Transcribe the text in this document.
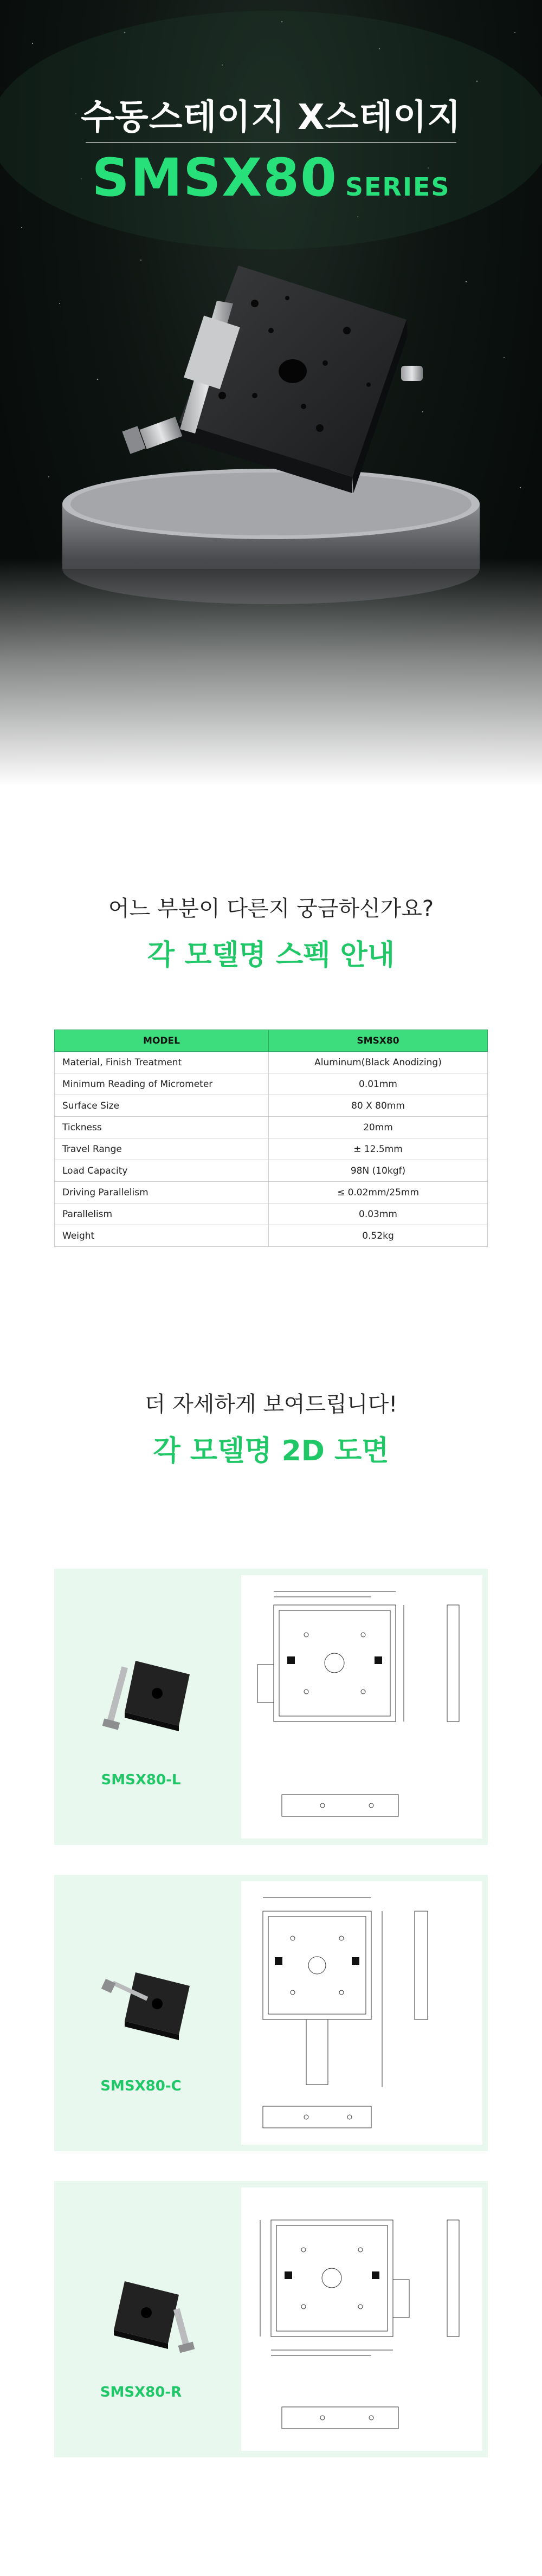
수동스테이지 X스테이지
SMSX80 SERIES
어느 부분이 다른지 궁금하신가요?
각 모델명 스펙 안내
MODEL	SMSX80
Material, Finish Treatment	Aluminum(Black Anodizing)
Minimum Reading of Micrometer	0.01mm
Surface Size	80 X 80mm
Tickness	20mm
Travel Range	± 12.5mm
Load Capacity	98N (10kgf)
Driving Parallelism	≤ 0.02mm/25mm
Parallelism	0.03mm
Weight	0.52kg
더 자세하게 보여드립니다!
각 모델명 2D 도면
SMSX80-L
SMSX80-C
SMSX80-R
